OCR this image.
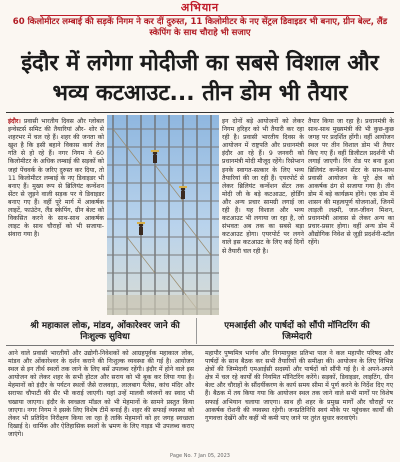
अभियान
60 किलोमीटर लम्बाई की सड़कें निगम ने कर दीं दुरुस्त, 11 किलोमीटर के नए सेंट्रल डिवाइडर भी बनाए, ग्रीन बेल्ट, लैंड स्केपिंग के साथ चौराहे भी सजाए
इंदौर में लगेगा मोदीजी का सबसे विशाल और
भव्य कटआउट... तीन डोम भी तैयार
इंदौर। प्रवासी भारतीय दिवस और ग्लोबल इन्वेस्टर्स समिट की तैयारियां और- शोर से शहरभर में चल रहे हैं। शहर की जनता को खुश है कि इसी बहाने विकास कार्य तेज गति से हो रहे हैं। नगर निगम ने 60 किलोमीटर के अधिक लम्बाई की सड़कों को जहां पेंचवर्क के जरिए दुरुस्त कर दिया, तो 11 किलोमीटर लम्बाई के नए डिवाइडर भी बनाए हैं। मुख्य रूप से ब्रिलियंट कन्वेंशन सेंटर से जुड़ने वाली सड़क पर ये डिवाइडर बनाए गए हैं। वहीं पूरे मार्ग में आकर्षक लाइटें, फाउंटेन, लैंड स्केपिंग, ग्रीन बेल्ट को विकसित करने के साथ-साथ आकर्षक लाइट के साथ चौराहों को भी सजाया-संवारा गया है।
इन दोनों बड़े आयोजनों को लेकर निगम हरिहर को भी तैयारी कर रहा रही है। प्रवासी भारतीय दिवस के आयोजन में राष्ट्रपति और प्रधानमंत्री इंदौर आ रहे हैं। 9 जनवरी को प्रधानमंत्री मोदी मौजूद रहेंगे। रिसेप्शन इनके स्वागत-सत्कार के लिए भव्य तैयारियां की जा रही हैं। एयरपोर्ट से लेकर ब्रिलियंट कन्वेंशन सेंटर तक मोदी जी के बड़े कटआउट, होर्डिंग और अन्य प्रचार सामग्री लगाई जा रही है। यह विशाल और भव्य कटआउट भी लगाया जा रहा है, जो संभवतः अब तक का सबसे बड़ा कटआउट होगा। एयरपोर्ट पर लगने वाले इस कटआउट के लिए कई दिनों से तैयारी चल रही है।
तैयार किया जा रहा है। प्रधानमंत्री के साथ-साथ मुख्यमंत्री की भी कुछ-कुछ जगह पर प्रदर्शित होंगी। वहीं आयोजन स्थल पर तीन विशाल डोम भी तैयार किए गए हैं। वहीं डिजीटल प्रदर्शनी भी लगाई जाएगी। रिंग रोड पर बना हुआ ब्रिलियंट कन्वेंशन सेंटर के साथ-साथ प्रवासी आयोजन के पूरे क्षेत्र को आकर्षक ढंग से सजाया गया है। तीन डोम में बड़े कार्यक्रम होंगे। एक डोम में शासन की महत्वपूर्ण योजनाओं, जिनमें लाड़ली लक्ष्मी, जल-जीवन मिशन, प्रधानमंत्री आवास से लेकर अन्य का प्रचार-प्रसार होगा। वहीं अन्य डोम में औद्योगिक निवेश से जुड़ी प्रदर्शनी-स्टॉल रहेंगे।
श्री महाकाल लोक, मांडव, ओंकारेश्वर जाने की निःशुल्क सुविधा
एमआईसी और पार्षदों को सौंपी मॉनिटरिंग की जिम्मेदारी
आने वाले प्रवासी भारतीयों और उद्योगी-निवेशकों को आग्रहपूर्वक महाकाल लोक, मांडव और ओंकारेश्वर के दर्शन कराने की निःशुल्क व्यवस्था की गई है। आयोजन स्थल से इन तीर्थ स्थलों तक जाने के लिए बसें उपलब्ध रहेंगी। इंदौर में होने वाले इस आयोजन को लेकर शहर के सभी होटल और सराय को भी बुक कर लिया गया है। मेहमानों को इंदौर के पर्यटन स्थलों जैसे राजवाड़ा, लालबाग पैलेस, कांच मंदिर और सराफा चौपाटी की सैर भी कराई जाएगी। यहां उन्हें मालवी व्यंजनों का स्वाद भी चखाया जाएगा। इंदौर के स्वच्छता मॉडल को भी मेहमानों के सामने प्रस्तुत किया जाएगा। नगर निगम ने इसके लिए विशेष टीमें बनाई हैं। शहर की सफाई व्यवस्था को लेकर भी प्रतिदिन निरीक्षण किया जा रहा है ताकि मेहमानों को हर जगह स्वच्छता दिखाई दे। धार्मिक और ऐतिहासिक स्थलों के भ्रमण के लिए गाइड भी उपलब्ध कराए जाएंगे।
महापौर पुष्यमित्र भार्गव और निगमायुक्त प्रतिभा पाल ने कल महापौर परिषद और पार्षदों के साथ बैठक कर सभी तैयारियों की समीक्षा की। आयोजन के लिए विभिन्न क्षेत्रों की जिम्मेदारी एमआईसी सदस्यों और पार्षदों को सौंपी गई है। वे अपने-अपने क्षेत्र में चल रहे कार्यों की नियमित मॉनिटरिंग करेंगे। सड़कों, डिवाइडर, लाइटिंग, ग्रीन बेल्ट और चौराहों के सौंदर्यीकरण के कार्य समय सीमा में पूर्ण करने के निर्देश दिए गए हैं। बैठक में तय किया गया कि आयोजन स्थल तक जाने वाले सभी मार्गों पर विशेष सफाई अभियान चलाया जाएगा। साथ ही शहर के प्रमुख मार्गों और चौराहों पर आकर्षक रोशनी की व्यवस्था रहेगी। जनप्रतिनिधि स्वयं मौके पर पहुंचकर कार्यों की गुणवत्ता देखेंगे और कहीं भी कमी पाए जाने पर तुरंत सुधार करवाएंगे।
Page No. 7 Jan 05, 2023
